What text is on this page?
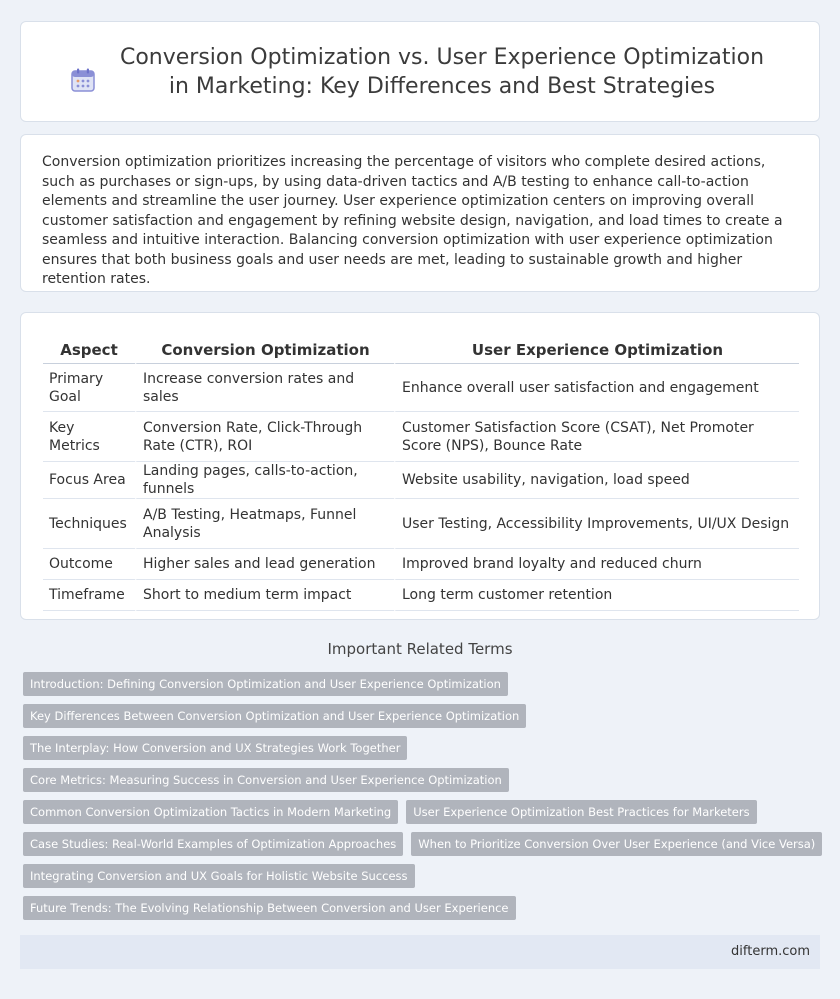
Conversion Optimization vs. User Experience Optimization in Marketing: Key Differences and Best Strategies

Conversion optimization prioritizes increasing the percentage of visitors who complete desired actions, such as purchases or sign-ups, by using data-driven tactics and A/B testing to enhance call-to-action elements and streamline the user journey. User experience optimization centers on improving overall customer satisfaction and engagement by refining website design, navigation, and load times to create a seamless and intuitive interaction. Balancing conversion optimization with user experience optimization ensures that both business goals and user needs are met, leading to sustainable growth and higher retention rates.

Aspect	Conversion Optimization	User Experience Optimization
Primary Goal	Increase conversion rates and sales	Enhance overall user satisfaction and engagement
Key Metrics	Conversion Rate, Click-Through Rate (CTR), ROI	Customer Satisfaction Score (CSAT), Net Promoter Score (NPS), Bounce Rate
Focus Area	Landing pages, calls-to-action, funnels	Website usability, navigation, load speed
Techniques	A/B Testing, Heatmaps, Funnel Analysis	User Testing, Accessibility Improvements, UI/UX Design
Outcome	Higher sales and lead generation	Improved brand loyalty and reduced churn
Timeframe	Short to medium term impact	Long term customer retention
Important Related Terms
Introduction: Defining Conversion Optimization and User Experience Optimization
Key Differences Between Conversion Optimization and User Experience Optimization
The Interplay: How Conversion and UX Strategies Work Together
Core Metrics: Measuring Success in Conversion and User Experience Optimization
Common Conversion Optimization Tactics in Modern Marketing	User Experience Optimization Best Practices for Marketers
Case Studies: Real-World Examples of Optimization Approaches	When to Prioritize Conversion Over User Experience (and Vice Versa)
Integrating Conversion and UX Goals for Holistic Website Success
Future Trends: The Evolving Relationship Between Conversion and User Experience
difterm.com
